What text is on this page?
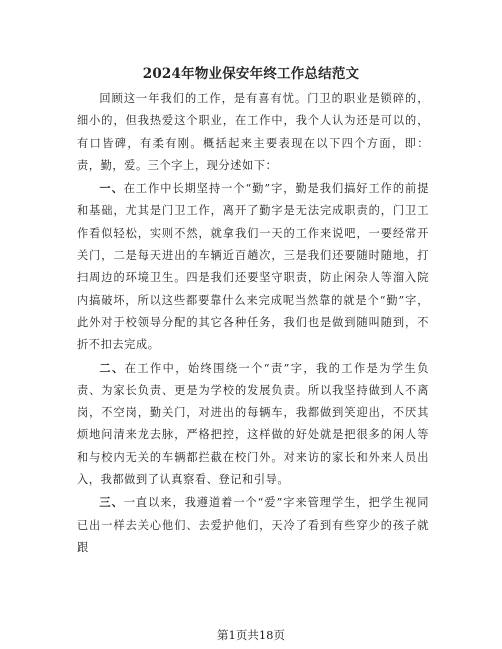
2024年物业保安年终工作总结范文

回顾这一年我们的工作，是有喜有忧。门卫的职业是锁碎的，细小的，但我热爱这个职业，在工作中，我个人认为还是可以的，有口皆碑，有柔有刚。概括起来主要表现在以下四个方面，即：责，勤，爱。三个字上，现分述如下：

一、在工作中长期坚持一个“勤”字，勤是我们搞好工作的前提和基础，尤其是门卫工作，离开了勤字是无法完成职责的，门卫工作看似轻松，实则不然，就拿我们一天的工作来说吧，一要经常开关门，二是每天进出的车辆近百趟次，三是我们还要随时随地，打扫周边的环境卫生。四是我们还要坚守职责，防止闲杂人等溜入院内搞破坏，所以这些都要靠什么来完成呢当然靠的就是个“勤”字，此外对于校领导分配的其它各种任务，我们也是做到随叫随到，不折不扣去完成。

二、在工作中，始终围绕一个“责”字，我的工作是为学生负责、为家长负责、更是为学校的发展负责。所以我坚持做到人不离岗，不空岗，勤关门，对进出的每辆车，我都做到笑迎出，不厌其烦地问清来龙去脉，严格把控，这样做的好处就是把很多的闲人等和与校内无关的车辆都拦截在校门外。对来访的家长和外来人员出入，我都做到了认真察看、登记和引导。

三、一直以来，我遵道着一个“爱”字来管理学生，把学生视同已出一样去关心他们、去爱护他们，天冷了看到有些穿少的孩子就跟

第1页共18页
